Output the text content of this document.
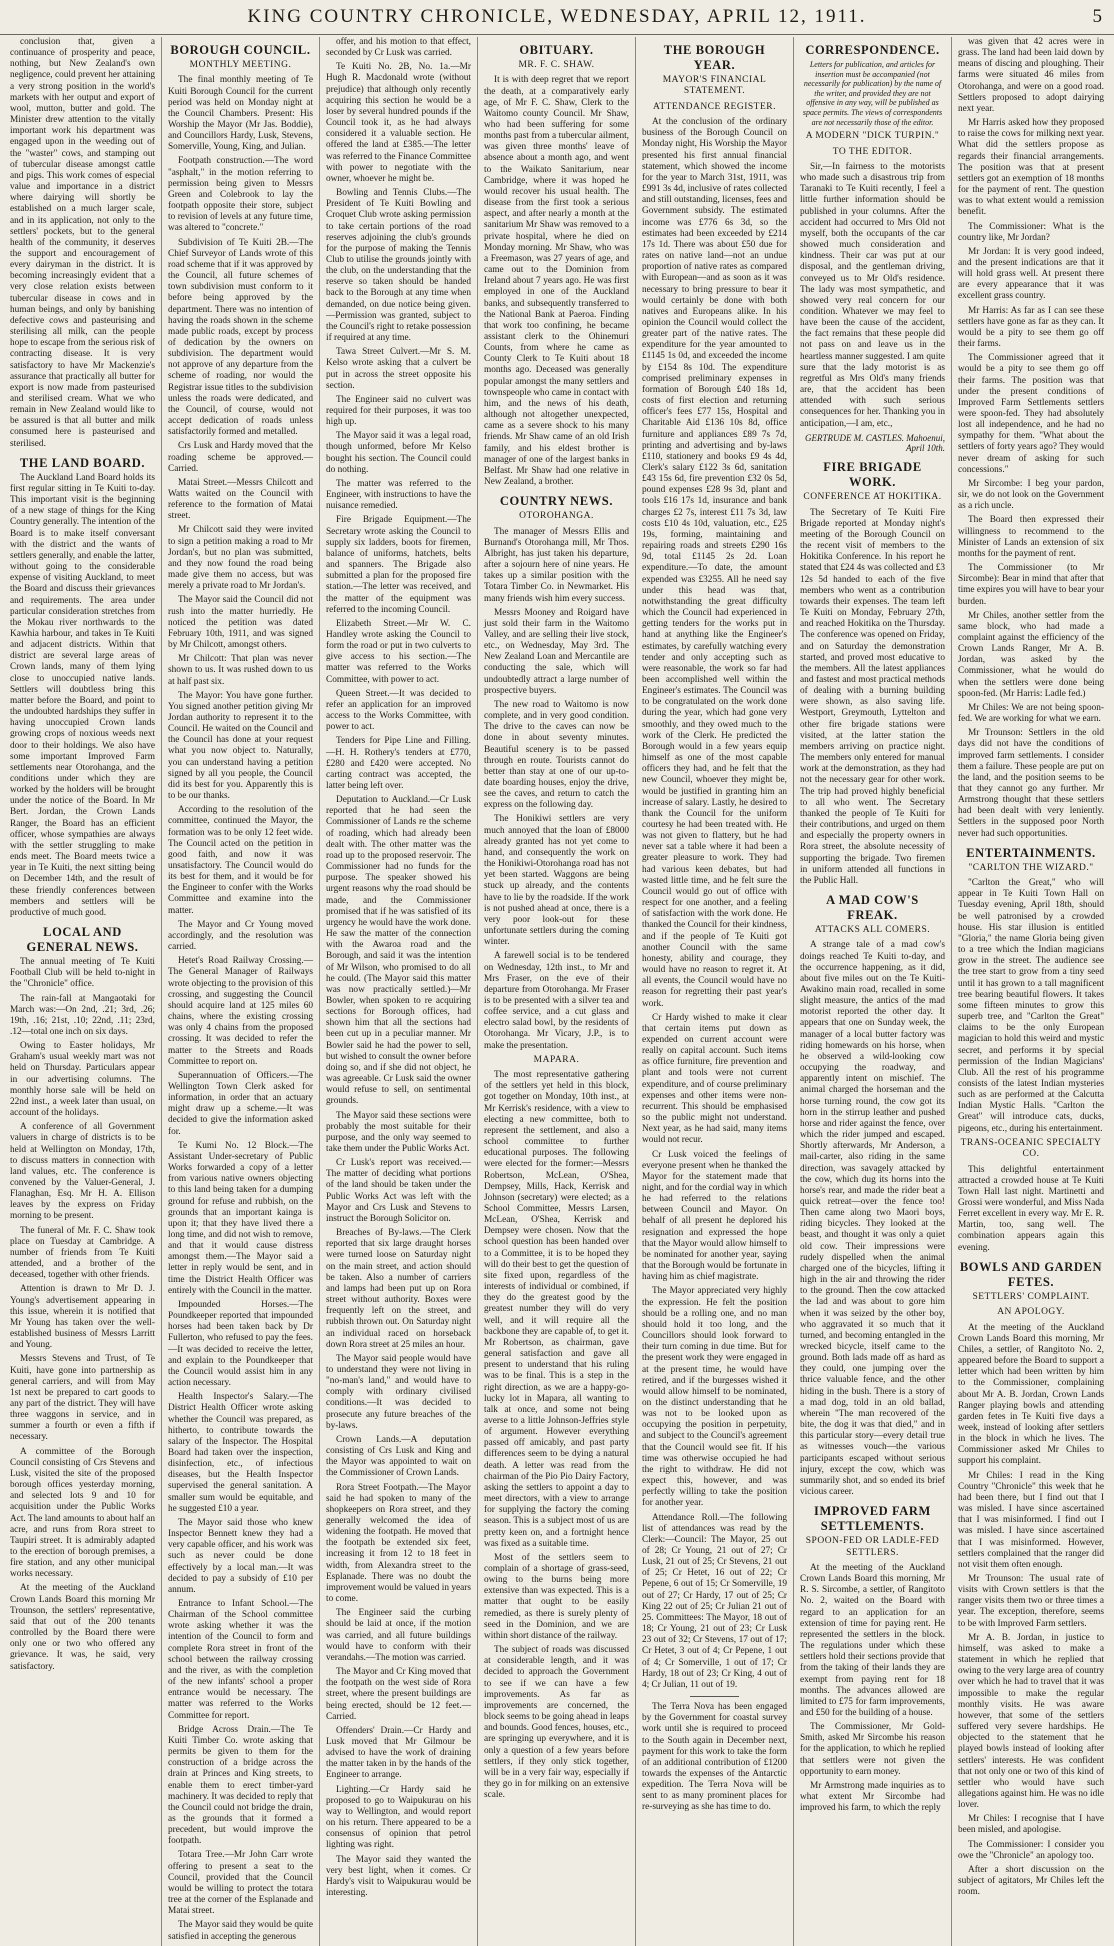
KING COUNTRY CHRONICLE, WEDNESDAY, APRIL 12, 1911.	5
conclusion that, given a continuance of prosperity and peace, nothing, but New Zealand's own negligence, could prevent her attaining a very strong position in the world's markets with her output and export of wool, mutton, butter and gold. The Minister drew attention to the vitally important work his department was engaged upon in the weeding out of the "waster" cows, and stamping out of tubercular disease amongst cattle and pigs. This work comes of especial value and importance in a district where dairying will shortly be established on a much larger scale, and in its application, not only to the settlers' pockets, but to the general health of the community, it deserves the support and encouragement of every dairyman in the district. It is becoming increasingly evident that a very close relation exists between tubercular disease in cows and in human beings, and only by banishing defective cows and pasteurising and sterilising all milk, can the people hope to escape from the serious risk of contracting disease. It is very satisfactory to have Mr Mackenzie's assurance that practically all butter for export is now made from pasteurised and sterilised cream. What we who remain in New Zealand would like to be assured is that all butter and milk consumed here is pasteurised and sterilised.
THE LAND BOARD.
The Auckland Land Board holds its first regular sitting in Te Kuiti to-day. This important visit is the beginning of a new stage of things for the King Country generally. The intention of the Board is to make itself conversant with the district and the wants of settlers generally, and enable the latter, without going to the considerable expense of visiting Auckland, to meet the Board and discuss their grievances and requirements. The area under particular consideration stretches from the Mokau river northwards to the Kawhia harbour, and takes in Te Kuiti and adjacent districts. Within that district are several large areas of Crown lands, many of them lying close to unoccupied native lands. Settlers will doubtless bring this matter before the Board, and point to the undoubted hardships they suffer in having unoccupied Crown lands growing crops of noxious weeds next door to their holdings. We also have some important Improved Farm settlements near Otorohanga, and the conditions under which they are worked by the holders will be brought under the notice of the Board. In Mr Bert. Jordan, the Crown Lands Ranger, the Board has an efficient officer, whose sympathies are always with the settler struggling to make ends meet. The Board meets twice a year in Te Kuiti, the next sitting being on December 14th, and the result of these friendly conferences between members and settlers will be productive of much good.
LOCAL AND GENERAL NEWS.
The annual meeting of Te Kuiti Football Club will be held to-night in the "Chronicle" office.
The rain-fall at Mangaotaki for March was:—On 2nd, .21; 3rd, .26; 19th, .16; 21st, .10; 22nd, .11; 23rd, .12—total one inch on six days.
Owing to Easter holidays, Mr Graham's usual weekly mart was not held on Thursday. Particulars appear in our advertising columns. The monthly horse sale will be held on 22nd inst., a week later than usual, on account of the holidays.
A conference of all Government valuers in charge of districts is to be held at Wellington on Monday, 17th, to discuss matters in connection with land values, etc. The conference is convened by the Valuer-General, J. Flanaghan, Esq. Mr H. A. Ellison leaves by the express on Friday morning to be present.
The funeral of Mr. F. C. Shaw took place on Tuesday at Cambridge. A number of friends from Te Kuiti attended, and a brother of the deceased, together with other friends.
Attention is drawn to Mr D. J. Young's advertisement appearing in this issue, wherein it is notified that Mr Young has taken over the well-established business of Messrs Larritt and Young.
Messrs Stevens and Trust, of Te Kuiti, have gone into partnership as general carriers, and will from May 1st next be prepared to cart goods to any part of the district. They will have three waggons in service, and in summer a fourth or even a fifth if necessary.
A committee of the Borough Council consisting of Crs Stevens and Lusk, visited the site of the proposed borough offices yesterday morning, and selected lots 9 and 10 for acquisition under the Public Works Act. The land amounts to about half an acre, and runs from Rora street to Taupiri street. It is admirably adapted to the erection of borough premises, a fire station, and any other municipal works necessary.
At the meeting of the Auckland Crown Lands Board this morning Mr Trounson, the settlers' representative, said that out of the 200 tenants controlled by the Board there were only one or two who offered any grievance. It was, he said, very satisfactory.
BOROUGH COUNCIL.
MONTHLY MEETING.
The final monthly meeting of Te Kuiti Borough Council for the current period was held on Monday night at the Council Chambers. Present: His Worship the Mayor (Mr Jas. Boddie), and Councillors Hardy, Lusk, Stevens, Somerville, Young, King, and Julian.
Footpath construction.—The word "asphalt," in the motion referring to permission being given to Messrs Green and Colebrook to lay the footpath opposite their store, subject to revision of levels at any future time, was altered to "concrete."
Subdivision of Te Kuiti 2B.—The Chief Surveyor of Lands wrote of this road scheme that if it was approved by the Council, all future schemes of town subdivision must conform to it before being approved by the department. There was no intention of having the roads shown in the scheme made public roads, except by process of dedication by the owners on subdivision. The department would not approve of any departure from the scheme of roading, nor would the Registrar issue titles to the subdivision unless the roads were dedicated, and the Council, of course, would not accept dedication of roads unless satisfactorily formed and metalled.
Crs Lusk and Hardy moved that the roading scheme be approved.—Carried.
Matai Street.—Messrs Chilcott and Watts waited on the Council with reference to the formation of Matai street.
Mr Chilcott said they were invited to sign a petition making a road to Mr Jordan's, but no plan was submitted, and they now found the road being made give them no access, but was merely a private road to Mr Jordan's.
The Mayor said the Council did not rush into the matter hurriedly. He noticed the petition was dated February 10th, 1911, and was signed by Mr Chilcott, amongst others.
Mr Chilcott: That plan was never shown to us. It was rushed down to us at half past six.
The Mayor: You have gone further. You signed another petition giving Mr Jordan authority to represent it to the Council. He waited on the Council and the Council has done at your request what you now object to. Naturally, you can understand having a petition signed by all you people, the Council did its best for you. Apparently this is to be our thanks.
According to the resolution of the committee, continued the Mayor, the formation was to be only 12 feet wide. The Council acted on the petition in good faith, and now it was unsatisfactory. The Council would do its best for them, and it would be for the Engineer to confer with the Works Committee and examine into the matter.
The Mayor and Cr Young moved accordingly, and the resolution was carried.
Hetet's Road Railway Crossing.—The General Manager of Railways wrote objecting to the provision of this crossing, and suggesting the Council should acquire land at 125 miles 60 chains, where the existing crossing was only 4 chains from the proposed crossing. It was decided to refer the matter to the Streets and Roads Committee to report on.
Superannuation of Officers.—The Wellington Town Clerk asked for information, in order that an actuary might draw up a scheme.—It was decided to give the information asked for.
Te Kumi No. 12 Block.—The Assistant Under-secretary of Public Works forwarded a copy of a letter from various native owners objecting to this land being taken for a dumping ground for refuse and rubbish, on the grounds that an important kainga is upon it; that they have lived there a long time, and did not wish to remove, and that it would cause distress amongst them.—The Mayor said a letter in reply would be sent, and in time the District Health Officer was entirely with the Council in the matter.
Impounded Horses.—The Poundkeeper reported that impounded horses had been taken back by Dr Fullerton, who refused to pay the fees.—It was decided to receive the letter, and explain to the Poundkeeper that the Council would assist him in any action necessary.
Health Inspector's Salary.—The District Health Officer wrote asking whether the Council was prepared, as hitherto, to contribute towards the salary of the Inspector. The Hospital Board had taken over the inspection, disinfection, etc., of infectious diseases, but the Health Inspector supervised the general sanitation. A smaller sum would be equitable, and he suggested £10 a year.
The Mayor said those who knew Inspector Bennett knew they had a very capable officer, and his work was such as never could be done effectively by a local man.—It was decided to pay a subsidy of £10 per annum.
Entrance to Infant School.—The Chairman of the School committee wrote asking whether it was the intention of the Council to form and complete Rora street in front of the school between the railway crossing and the river, as with the completion of the new infants' school a proper entrance would be necessary. The matter was referred to the Works Committee for report.
Bridge Across Drain.—The Te Kuiti Timber Co. wrote asking that permits be given to them for the construction of a bridge across the drain at Princes and King streets, to enable them to erect timber-yard machinery. It was decided to reply that the Council could not bridge the drain, as the grounds that it formed a precedent, but would improve the footpath.
Totara Tree.—Mr John Carr wrote offering to present a seat to the Council, provided that the Council would be willing to protect the totara tree at the corner of the Esplanade and Matai street.
The Mayor said they would be quite satisfied in accepting the generous
offer, and his motion to that effect, seconded by Cr Lusk was carried.
Te Kuiti No. 2B, No. 1a.—Mr Hugh R. Macdonald wrote (without prejudice) that although only recently acquiring this section he would be a loser by several hundred pounds if the Council took it, as he had always considered it a valuable section. He offered the land at £385.—The letter was referred to the Finance Committee with power to negotiate with the owner, whoever he might be.
Bowling and Tennis Clubs.—The President of Te Kuiti Bowling and Croquet Club wrote asking permission to take certain portions of the road reserves adjoining the club's grounds for the purpose of making the Tennis Club to utilise the grounds jointly with the club, on the understanding that the reserve so taken should be handed back to the Borough at any time when demanded, on due notice being given.—Permission was granted, subject to the Council's right to retake possession if required at any time.
Tawa Street Culvert.—Mr S. M. Kelso wrote asking that a culvert be put in across the street opposite his section.
The Engineer said no culvert was required for their purposes, it was too high up.
The Mayor said it was a legal road, though unformed, before Mr Kelso bought his section. The Council could do nothing.
The matter was referred to the Engineer, with instructions to have the nuisance remedied.
Fire Brigade Equipment.—The Secretary wrote asking the Council to supply six ladders, boots for firemen, balance of uniforms, hatchets, belts and spanners. The Brigade also submitted a plan for the proposed fire station.—The letter was received, and the matter of the equipment was referred to the incoming Council.
Elizabeth Street.—Mr W. C. Handley wrote asking the Council to form the road or put in two culverts to give access to his section.—The matter was referred to the Works Committee, with power to act.
Queen Street.—It was decided to refer an application for an improved access to the Works Committee, with power to act.
Tenders for Pipe Line and Filling.—H. H. Rothery's tenders at £770, £280 and £420 were accepted. No carting contract was accepted, the latter being left over.
Deputation to Auckland.—Cr Lusk reported that he had seen the Commissioner of Lands re the scheme of roading, which had already been dealt with. The other matter was the road up to the proposed reservoir. The Commissioner had no funds for the purpose. The speaker showed his urgent reasons why the road should be made, and the Commissioner promised that if he was satisfied of its urgency he would have the work done. He saw the matter of the connection with the Awaroa road and the Borough, and said it was the intention of Mr Wilson, who promised to do all he could. (The Mayor said this matter was now practically settled.)—Mr Bowler, when spoken to re acquiring sections for Borough offices, had shown him that all the sections had been cut up in a peculiar manner. Mr Bowler said he had the power to sell, but wished to consult the owner before doing so, and if she did not object, he was agreeable. Cr Lusk said the owner would refuse to sell, on sentimental grounds.
The Mayor said these sections were probably the most suitable for their purpose, and the only way seemed to take them under the Public Works Act.
Cr Lusk's report was received.—The matter of deciding what portions of the land should be taken under the Public Works Act was left with the Mayor and Crs Lusk and Stevens to instruct the Borough Solicitor on.
Breaches of By-laws.—The Clerk reported that six large draught horses were turned loose on Saturday night on the main street, and action should be taken. Also a number of carriers and lamps had been put up on Rora street without authority. Boxes were frequently left on the street, and rubbish thrown out. On Saturday night an individual raced on horseback down Rora street at 25 miles an hour.
The Mayor said people would have to understand they were not living in "no-man's land," and would have to comply with ordinary civilised conditions.—It was decided to prosecute any future breaches of the by-laws.
Crown Lands.—A deputation consisting of Crs Lusk and King and the Mayor was appointed to wait on the Commissioner of Crown Lands.
Rora Street Footpath.—The Mayor said he had spoken to many of the shopkeepers on Rora street, and they generally welcomed the idea of widening the footpath. He moved that the footpath be extended six feet, increasing it from 12 to 18 feet in width, from Alexandra street to the Esplanade. There was no doubt the improvement would be valued in years to come.
The Engineer said the curbing should be laid at once, if the motion was carried, and all future buildings would have to conform with their verandahs.—The motion was carried.
The Mayor and Cr King moved that the footpath on the west side of Rora street, where the present buildings are being erected, should be 12 feet.—Carried.
Offenders' Drain.—Cr Hardy and Lusk moved that Mr Gilmour be advised to have the work of draining the matter taken in by the hands of the Engineer to arrange.
Lighting.—Cr Hardy said he proposed to go to Waipukurau on his way to Wellington, and would report on his return. There appeared to be a consensus of opinion that petrol lighting was right.
The Mayor said they wanted the very best light, when it comes. Cr Hardy's visit to Waipukurau would be interesting.
OBITUARY.
MR. F. C. SHAW.
It is with deep regret that we report the death, at a comparatively early age, of Mr F. C. Shaw, Clerk to the Waitomo county Council. Mr Shaw, who had been suffering for some months past from a tubercular ailment, was given three months' leave of absence about a month ago, and went to the Waikato Sanitarium, near Cambridge, where it was hoped he would recover his usual health. The disease from the first took a serious aspect, and after nearly a month at the sanitarium Mr Shaw was removed to a private hospital, where he died on Monday morning. Mr Shaw, who was a Freemason, was 27 years of age, and came out to the Dominion from Ireland about 7 years ago. He was first employed in one of the Auckland banks, and subsequently transferred to the National Bank at Paeroa. Finding that work too confining, he became assistant clerk to the Ohinemuri Counts, from where he came as County Clerk to Te Kuiti about 18 months ago. Deceased was generally popular amongst the many settlers and townspeople who came in contact with him, and the news of his death, although not altogether unexpected, came as a severe shock to his many friends. Mr Shaw came of an old Irish family, and his eldest brother is manager of one of the largest banks in Belfast. Mr Shaw had one relative in New Zealand, a brother.
COUNTRY NEWS.
OTOROHANGA.
The manager of Messrs Ellis and Burnand's Otorohanga mill, Mr Thos. Albright, has just taken his departure, after a sojourn here of nine years. He takes up a similar position with the Totara Timber Co. in Newmarket. His many friends wish him every success.
Messrs Mooney and Roigard have just sold their farm in the Waitomo Valley, and are selling their live stock, etc., on Wednesday, May 3rd. The New Zealand Loan and Mercantile are conducting the sale, which will undoubtedly attract a large number of prospective buyers.
The new road to Waitomo is now complete, and in very good condition. The drive to the caves can now be done in about seventy minutes. Beautiful scenery is to be passed through en route. Tourists cannot do better than stay at one of our up-to-date boarding houses, enjoy the drive, see the caves, and return to catch the express on the following day.
The Honikiwi settlers are very much annoyed that the loan of £8000 already granted has not yet come to hand, and consequently the work on the Honikiwi-Otorohanga road has not yet been started. Waggons are being stuck up already, and the contents have to lie by the roadside. If the work is not pushed ahead at once, there is a very poor look-out for these unfortunate settlers during the coming winter.
A farewell social is to be tendered on Wednesday, 12th inst., to Mr and Mrs Fraser, on the eve of their departure from Otorohanga. Mr Fraser is to be presented with a silver tea and coffee service, and a cut glass and electro salad bowl, by the residents of Otorohanga. Mr Vicary, J.P., is to make the presentation.
MAPARA.
The most representative gathering of the settlers yet held in this block, got together on Monday, 10th inst., at Mr Kerrisk's residence, with a view to electing a new committee, both to represent the settlement, and also a school committee to further educational purposes. The following were elected for the former:—Messrs Robertson, McLean, O'Shea, Dempsey, Mills, Hack, Kerrisk and Johnson (secretary) were elected; as a School Committee, Messrs Larsen, McLean, O'Shea, Kerrisk and Dempsey were chosen. Now that the school question has been handed over to a Committee, it is to be hoped they will do their best to get the question of site fixed upon, regardless of the interests of individual or combined, if they do the greatest good by the greatest number they will do very well, and it will require all the backbone they are capable of, to get it. Mr Robertson, as chairman, gave general satisfaction and gave all present to understand that his ruling was to be final. This is a step in the right direction, as we are a happy-go-lucky lot in Mapara, all wanting to talk at once, and some not being averse to a little Johnson-Jeffries style of argument. However everything passed off amicably, and past party differences seem to be dying a natural death. A letter was read from the chairman of the Pio Pio Dairy Factory, asking the settlers to appoint a day to meet directors, with a view to arrange for supplying the factory the coming season. This is a subject most of us are pretty keen on, and a fortnight hence was fixed as a suitable time.
Most of the settlers seem to complain of a shortage of grass-seed, owing to the burns being more extensive than was expected. This is a matter that ought to be easily remedied, as there is surely plenty of seed in the Dominion, and we are within short distance of the railway.
The subject of roads was discussed at considerable length, and it was decided to approach the Government to see if we can have a few improvements. As far as improvements are concerned, the block seems to be going ahead in leaps and bounds. Good fences, houses, etc., are springing up everywhere, and it is only a question of a few years before settlers, if they only stick together, will be in a very fair way, especially if they go in for milking on an extensive scale.
THE BOROUGH YEAR.
MAYOR'S FINANCIAL STATEMENT.
ATTENDANCE REGISTER.
At the conclusion of the ordinary business of the Borough Council on Monday night, His Worship the Mayor presented his first annual financial statement, which showed the income for the year to March 31st, 1911, was £991 3s 4d, inclusive of rates collected and still outstanding, licenses, fees and Government subsidy. The estimated income was £776 6s 3d, so the estimates had been exceeded by £214 17s 1d. There was about £50 due for rates on native land—not an undue proportion of native rates as compared with European—and as soon as it was necessary to bring pressure to bear it would certainly be done with both natives and Europeans alike. In his opinion the Council would collect the greater part of the native rates. The expenditure for the year amounted to £1145 1s 0d, and exceeded the income by £154 8s 10d. The expenditure comprised preliminary expenses in formation of Borough £40 18s 1d, costs of first election and returning officer's fees £77 15s, Hospital and Charitable Aid £136 10s 8d, office furniture and appliances £89 7s 7d, printing and advertising and by-laws £110, stationery and books £9 4s 4d, Clerk's salary £122 3s 6d, sanitation £43 15s 6d, fire prevention £32 0s 5d, pound expenses £28 9s 3d, plant and tools £16 17s 1d, insurance and bank charges £2 7s, interest £11 7s 3d, law costs £10 4s 10d, valuation, etc., £25 19s, forming, maintaining and repairing roads and streets £290 16s 9d, total £1145 2s 2d. Loan expenditure.—To date, the amount expended was £3255. All he need say under this head was that, notwithstanding the great difficulty which the Council had experienced in getting tenders for the works put in hand at anything like the Engineer's estimates, by carefully watching every tender and only accepting such as were reasonable, the work so far had been accomplished well within the Engineer's estimates. The Council was to be congratulated on the work done during the year, which had gone very smoothly, and they owed much to the work of the Clerk. He predicted the Borough would in a few years equip himself as one of the most capable officers they had, and he felt that the new Council, whoever they might be, would be justified in granting him an increase of salary. Lastly, he desired to thank the Council for the uniform courtesy he had been treated with. He was not given to flattery, but he had never sat a table where it had been a greater pleasure to work. They had had various keen debates, but had wasted little time, and he felt sure the Council would go out of office with respect for one another, and a feeling of satisfaction with the work done. He thanked the Council for their kindness, and if the people of Te Kuiti got another Council with the same honesty, ability and courage, they would have no reason to regret it. At all events, the Council would have no reason for regretting their past year's work.
Cr Hardy wished to make it clear that certain items put down as expended on current account were really on capital account. Such items as office furniture, fire prevention and plant and tools were not current expenditure, and of course preliminary expenses and other items were non-recurrent. This should be emphasised so the public might not understand. Next year, as he had said, many items would not recur.
Cr Lusk voiced the feelings of everyone present when he thanked the Mayor for the statement made that night, and for the cordial way in which he had referred to the relations between Council and Mayor. On behalf of all present he deplored his resignation and expressed the hope that the Mayor would allow himself to be nominated for another year, saying that the Borough would be fortunate in having him as chief magistrate.
The Mayor appreciated very highly the expression. He felt the position should be a rolling one, and no man should hold it too long, and the Councillors should look forward to their turn coming in due time. But for the present work they were engaged in at the present time, he would have retired, and if the burgesses wished it would allow himself to be nominated, on the distinct understanding that he was not to be looked upon as occupying the position in perpetuity, and subject to the Council's agreement that the Council would see fit. If his time was otherwise occupied he had the right to withdraw. He did not expect this, however, and was perfectly willing to take the position for another year.
Attendance Roll.—The following list of attendances was read by the Clerk:—Council: The Mayor, 25 out of 28; Cr Young, 21 out of 27; Cr Lusk, 21 out of 25; Cr Stevens, 21 out of 25; Cr Hetet, 16 out of 22; Cr Pepene, 6 out of 15; Cr Somerville, 19 out of 27; Cr Hardy, 17 out of 25; Cr King 22 out of 25; Cr Julian 21 out of 25. Committees: The Mayor, 18 out of 18; Cr Young, 21 out of 23; Cr Lusk 23 out of 32; Cr Stevens, 17 out of 17; Cr Hetet, 3 out of 4; Cr Pepene, 1 out of 4; Cr Somerville, 1 out of 17; Cr Hardy, 18 out of 23; Cr King, 4 out of 4; Cr Julian, 11 out of 19.
The Terra Nova has been engaged by the Government for coastal survey work until she is required to proceed to the South again in December next, payment for this work to take the form of an additional contribution of £1200 towards the expenses of the Antarctic expedition. The Terra Nova will be sent to as many prominent places for re-surveying as she has time to do.
CORRESPONDENCE.
Letters for publication, and articles for insertion must be accompanied (not necessarily for publication) by the name of the writer, and provided they are not offensive in any way, will be published as space permits. The views of correspondents are not necessarily those of the editor.
A MODERN "DICK TURPIN."
TO THE EDITOR.
Sir,—In fairness to the motorists who made such a disastrous trip from Taranaki to Te Kuiti recently, I feel a little further information should be published in your columns. After the accident had occurred to Mrs Old not myself, both the occupants of the car showed much consideration and kindness. Their car was put at our disposal, and the gentleman driving, conveyed us to Mr Old's residence. The lady was most sympathetic, and showed very real concern for our condition. Whatever we may feel to have been the cause of the accident, the fact remains that these people did not pass on and leave us in the heartless manner suggested. I am quite sure that the lady motorist is as regretful as Mrs Old's many friends are, that the accident has been attended with such serious consequences for her. Thanking you in anticipation,—I am, etc.,
GERTRUDE M. CASTLES. Mahoenui, April 10th.
FIRE BRIGADE WORK.
CONFERENCE AT HOKITIKA.
The Secretary of Te Kuiti Fire Brigade reported at Monday night's meeting of the Borough Council on the recent visit of members to the Hokitika Conference. In his report he stated that £24 4s was collected and £3 12s 5d handed to each of the five members who went as a contribution towards their expenses. The team left Te Kuiti on Monday, February 27th, and reached Hokitika on the Thursday. The conference was opened on Friday, and on Saturday the demonstration started, and proved most educative to the members. All the latest appliances and fastest and most practical methods of dealing with a burning building were shown, as also saving life. Westport, Greymouth, Lyttelton and other fire brigade stations were visited, at the latter station the members arriving on practice night. The members only entered for manual work at the demonstration, as they had not the necessary gear for other work. The trip had proved highly beneficial to all who went. The Secretary thanked the people of Te Kuiti for their contributions, and urged on them and especially the property owners in Rora street, the absolute necessity of supporting the brigade. Two firemen in uniform attended all functions in the Public Hall.
A MAD COW'S FREAK.
ATTACKS ALL COMERS.
A strange tale of a mad cow's doings reached Te Kuiti to-day, and the occurrence happening, as it did, about five miles out on the Te Kuiti-Awakino main road, recalled in some slight measure, the antics of the mad motorist reported the other day. It appears that one on Sunday week, the manager of a local butter factory was riding homewards on his horse, when he observed a wild-looking cow occupying the roadway, and apparently intent on mischief. The animal charged the horseman and the horse turning round, the cow got its horn in the stirrup leather and pushed horse and rider against the fence, over which the rider jumped and escaped. Shortly afterwards, Mr Anderson, a mail-carter, also riding in the same direction, was savagely attacked by the cow, which dug its horns into the horse's rear, and made the rider beat a quick retreat—over the fence too! Then came along two Maori boys, riding bicycles. They looked at the beast, and thought it was only a quiet old cow. Their impressions were rudely dispelled when the animal charged one of the bicycles, lifting it high in the air and throwing the rider to the ground. Then the cow attacked the lad and was about to gore him when it was seized by the other boy, who aggravated it so much that it turned, and becoming entangled in the wrecked bicycle, itself came to the ground. Both lads made off as hard as they could, one jumping over the thrice valuable fence, and the other hiding in the bush. There is a story of a mad dog, told in an old ballad, wherein "The man recovered of the bite, the dog it was that died," and in this particular story—every detail true as witnesses vouch—the various participants escaped without serious injury, except the cow, which was summarily shot, and so ended its brief vicious career.
IMPROVED FARM SETTLEMENTS.
SPOON-FED OR LADLE-FED SETTLERS.
At the meeting of the Auckland Crown Lands Board this morning, Mr R. S. Sircombe, a settler, of Rangitoto No. 2, waited on the Board with regard to an application for an extension of time for paying rent. He represented the settlers in the block. The regulations under which these settlers hold their sections provide that from the taking of their lands they are exempt from paying rent for 18 months. The advances allowed are limited to £75 for farm improvements, and £50 for the building of a house.
The Commissioner, Mr Gold-Smith, asked Mr Sircombe his reason for the application, to which he replied that settlers were not given the opportunity to earn money.
Mr Armstrong made inquiries as to what extent Mr Sircombe had improved his farm, to which the reply
was given that 42 acres were in grass. The land had been laid down by means of discing and ploughing. Their farms were situated 46 miles from Otorohanga, and were on a good road. Settlers proposed to adopt dairying next year.
Mr Harris asked how they proposed to raise the cows for milking next year. What did the settlers propose as regards their financial arrangements. The position was that at present settlers got an exemption of 18 months for the payment of rent. The question was to what extent would a remission benefit.
The Commissioner: What is the country like, Mr Jordan?
Mr Jordan: It is very good indeed, and the present indications are that it will hold grass well. At present there are every appearance that it was excellent grass country.
Mr Harris: As far as I can see these settlers have gone as far as they can. It would be a pity to see them go off their farms.
The Commissioner agreed that it would be a pity to see them go off their farms. The position was that under the present conditions of Improved Farm Settlements settlers were spoon-fed. They had absolutely lost all independence, and he had no sympathy for them. "What about the settlers of forty years ago? They would never dream of asking for such concessions."
Mr Sircombe: I beg your pardon, sir, we do not look on the Government as a rich uncle.
The Board then expressed their willingness to recommend to the Minister of Lands an extension of six months for the payment of rent.
The Commissioner (to Mr Sircombe): Bear in mind that after that time expires you will have to bear your burden.
Mr Chiles, another settler from the same block, who had made a complaint against the efficiency of the Crown Lands Ranger, Mr A. B. Jordan, was asked by the Commissioner, what he would do when the settlers were done being spoon-fed. (Mr Harris: Ladle fed.)
Mr Chiles: We are not being spoon-fed. We are working for what we earn.
Mr Trounson: Settlers in the old days did not have the conditions of improved farm settlements. I consider them a failure. These people are put on the land, and the position seems to be that they cannot go any further. Mr Armstrong thought that these settlers had been dealt with very leniently. Settlers in the supposed poor North never had such opportunities.
ENTERTAINMENTS.
"CARLTON THE WIZARD."
"Carlton the Great," who will appear in Te Kuiti Town Hall on Tuesday evening, April 18th, should be well patronised by a crowded house. His star illusion is entitled "Gloria," the name Gloria being given to a tree which the Indian magicians grow in the street. The audience see the tree start to grow from a tiny seed until it has grown to a tall magnificent tree bearing beautiful flowers. It takes some fifteen minutes to grow this superb tree, and "Carlton the Great" claims to be the only European magician to hold this weird and mystic secret, and performs it by special permission of the Indian Magicians' Club. All the rest of his programme consists of the latest Indian mysteries such as are performed at the Calcutta Indian Mystic Halls. "Carlton the Great" will introduce cats, ducks, pigeons, etc., during his entertainment.
TRANS-OCEANIC SPECIALTY CO.
This delightful entertainment attracted a crowded house at Te Kuiti Town Hall last night. Martinetti and Grossi were wonderful, and Miss Nada Ferret excellent in every way. Mr E. R. Martin, too, sang well. The combination appears again this evening.
BOWLS AND GARDEN FETES.
SETTLERS' COMPLAINT.
AN APOLOGY.
At the meeting of the Auckland Crown Lands Board this morning, Mr Chiles, a settler, of Rangitoto No. 2, appeared before the Board to support a letter which had been written by him to the Commissioner, complaining about Mr A. B. Jordan, Crown Lands Ranger playing bowls and attending garden fetes in Te Kuiti five days a week, instead of looking after settlers in the block in which he lives. The Commissioner asked Mr Chiles to support his complaint.
Mr Chiles: I read in the King Country "Chronicle" this week that he had been there, but I find out that I was misled. I have since ascertained that I was misinformed. I find out I was misled. I have since ascertained that I was misinformed. However, settlers complained that the ranger did not visit them often enough.
Mr Trounson: The usual rate of visits with Crown settlers is that the ranger visits them two or three times a year. The exception, therefore, seems to be with Improved Farm settlers.
Mr A. B. Jordan, in justice to himself, was asked to make a statement in which he replied that owing to the very large area of country over which he had to travel that it was impossible to make the regular monthly visits. He was aware however, that some of the settlers suffered very severe hardships. He objected to the statement that he played bowls instead of looking after settlers' interests. He was confident that not only one or two of this kind of settler who would have such allegations against him. He was no idle lover.
Mr Chiles: I recognise that I have been misled, and apologise.
The Commissioner: I consider you owe the "Chronicle" an apology too.
After a short discussion on the subject of agitators, Mr Chiles left the room.
